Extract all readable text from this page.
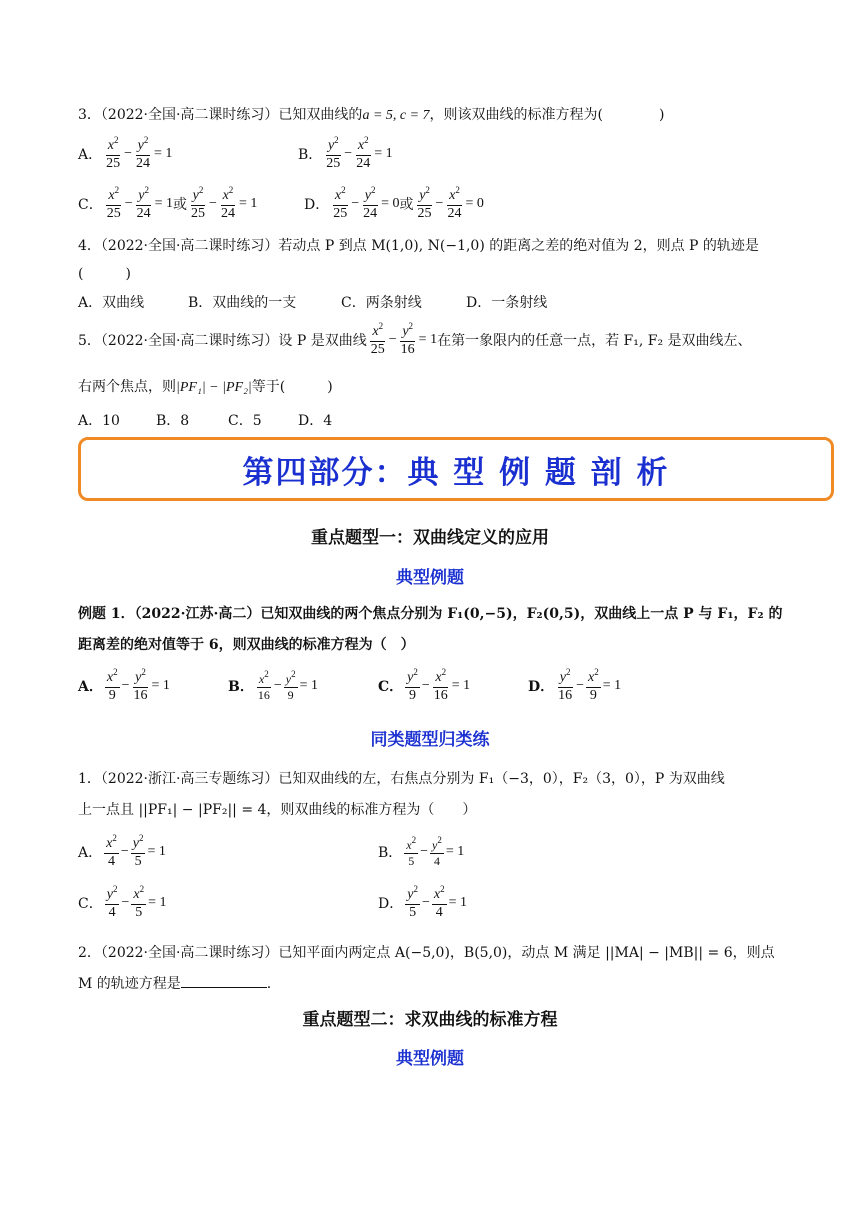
3．（2022·全国·高二课时练习）已知双曲线的a = 5, c = 7，则该双曲线的标准方程为(　　　　)
A． $\frac{x^2}{25} - \frac{y^2}{24} = 1$	B． $\frac{y^2}{25} - \frac{x^2}{24} = 1$
C． $\frac{x^2}{25} - \frac{y^2}{24} = 1$ 或 $\frac{y^2}{25} - \frac{x^2}{24} = 1$	D． $\frac{x^2}{25} - \frac{y^2}{24} = 0$ 或 $\frac{y^2}{25} - \frac{x^2}{24} = 0$
4．（2022·全国·高二课时练习）若动点 P 到点 M(1,0), N(−1,0) 的距离之差的绝对值为 2，则点 P 的轨迹是
(　　　)
A．双曲线	B．双曲线的一支	C．两条射线	D．一条射线
5．（2022·全国·高二课时练习）设 P 是双曲线 $\frac{x^2}{25} - \frac{y^2}{16} = 1$ 在第一象限内的任意一点，若 F₁, F₂ 是双曲线左、
右两个焦点，则|PF₁| − |PF₂|等于(　　　)
A．10	B．8	C．5	D．4
第四部分：典 型 例 题 剖 析
重点题型一：双曲线定义的应用
典型例题
例题 1．（2022·江苏·高二）已知双曲线的两个焦点分别为 F₁(0,−5)，F₂(0,5)，双曲线上一点 P 与 F₁，F₂ 的
距离差的绝对值等于 6，则双曲线的标准方程为（　）
A． $\frac{x^2}{9} - \frac{y^2}{16} = 1$	B． $\frac{x^2}{16} - \frac{y^2}{9} = 1$	C． $\frac{y^2}{9} - \frac{x^2}{16} = 1$	D． $\frac{y^2}{16} - \frac{x^2}{9} = 1$
同类题型归类练
1．（2022·浙江·高三专题练习）已知双曲线的左，右焦点分别为 F₁（−3，0），F₂（3，0），P 为双曲线
上一点且 ||PF₁| − |PF₂|| = 4，则双曲线的标准方程为（　　）
A． $\frac{x^2}{4} - \frac{y^2}{5} = 1$	B． $\frac{x^2}{5} - \frac{y^2}{4} = 1$
C． $\frac{y^2}{4} - \frac{x^2}{5} = 1$	D． $\frac{y^2}{5} - \frac{x^2}{4} = 1$
2．（2022·全国·高二课时练习）已知平面内两定点 A(−5,0)，B(5,0)，动点 M 满足 ||MA| − |MB|| = 6，则点
M 的轨迹方程是	.
重点题型二：求双曲线的标准方程
典型例题
